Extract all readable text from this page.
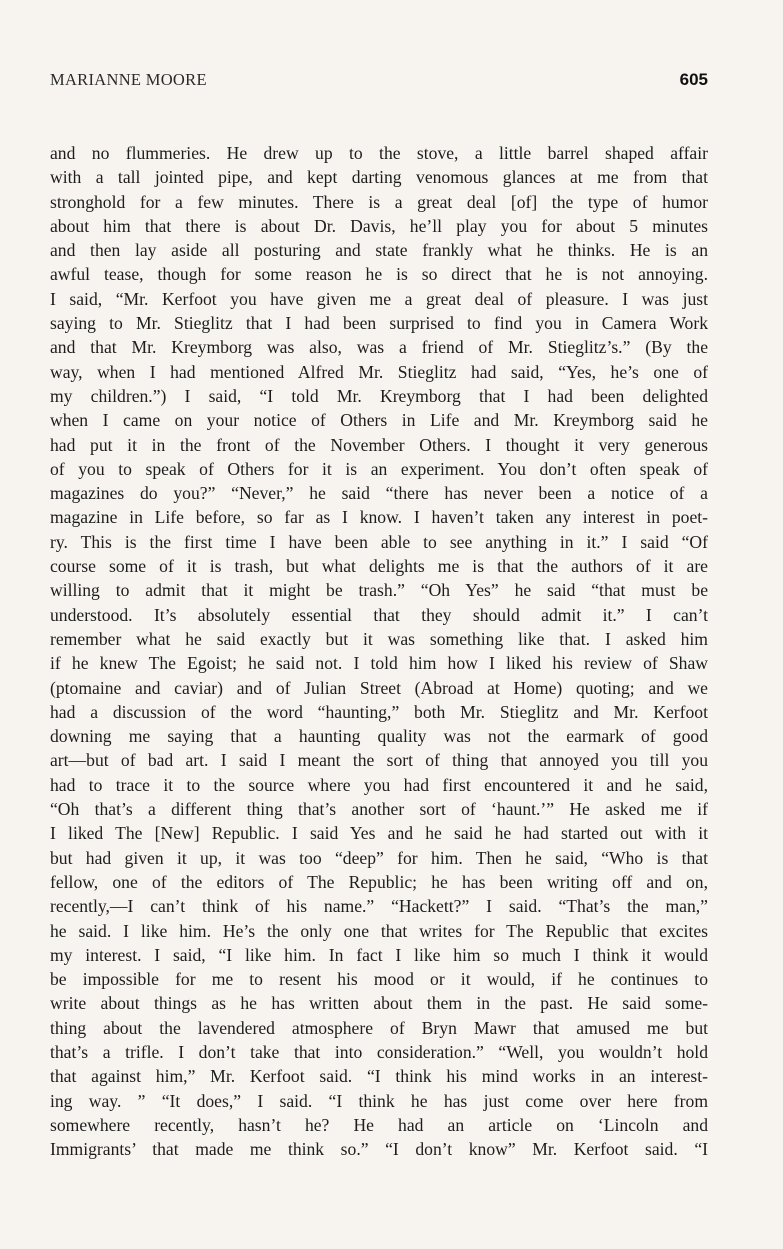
MARIANNE MOORE	605
and no flummeries. He drew up to the stove, a little barrel shaped affair
with a tall jointed pipe, and kept darting venomous glances at me from that
stronghold for a few minutes. There is a great deal [of] the type of humor
about him that there is about Dr. Davis, he’ll play you for about 5 minutes
and then lay aside all posturing and state frankly what he thinks. He is an
awful tease, though for some reason he is so direct that he is not annoying.
I said, “Mr. Kerfoot you have given me a great deal of pleasure. I was just
saying to Mr. Stieglitz that I had been surprised to find you in Camera Work
and that Mr. Kreymborg was also, was a friend of Mr. Stieglitz’s.” (By the
way, when I had mentioned Alfred Mr. Stieglitz had said, “Yes, he’s one of
my children.”) I said, “I told Mr. Kreymborg that I had been delighted
when I came on your notice of Others in Life and Mr. Kreymborg said he
had put it in the front of the November Others. I thought it very generous
of you to speak of Others for it is an experiment. You don’t often speak of
magazines do you?” “Never,” he said “there has never been a notice of a
magazine in Life before, so far as I know. I haven’t taken any interest in poet-
ry. This is the first time I have been able to see anything in it.” I said “Of
course some of it is trash, but what delights me is that the authors of it are
willing to admit that it might be trash.” “Oh Yes” he said “that must be
understood. It’s absolutely essential that they should admit it.” I can’t
remember what he said exactly but it was something like that. I asked him
if he knew The Egoist; he said not. I told him how I liked his review of Shaw
(ptomaine and caviar) and of Julian Street (Abroad at Home) quoting; and we
had a discussion of the word “haunting,” both Mr. Stieglitz and Mr. Kerfoot
downing me saying that a haunting quality was not the earmark of good
art—but of bad art. I said I meant the sort of thing that annoyed you till you
had to trace it to the source where you had first encountered it and he said,
“Oh that’s a different thing that’s another sort of ‘haunt.’” He asked me if
I liked The [New] Republic. I said Yes and he said he had started out with it
but had given it up, it was too “deep” for him. Then he said, “Who is that
fellow, one of the editors of The Republic; he has been writing off and on,
recently,—I can’t think of his name.” “Hackett?” I said. “That’s the man,”
he said. I like him. He’s the only one that writes for The Republic that excites
my interest. I said, “I like him. In fact I like him so much I think it would
be impossible for me to resent his mood or it would, if he continues to
write about things as he has written about them in the past. He said some-
thing about the lavendered atmosphere of Bryn Mawr that amused me but
that’s a trifle. I don’t take that into consideration.” “Well, you wouldn’t hold
that against him,” Mr. Kerfoot said. “I think his mind works in an interest-
ing way. ” “It does,” I said. “I think he has just come over here from
somewhere recently, hasn’t he? He had an article on ‘Lincoln and
Immigrants’ that made me think so.” “I don’t know” Mr. Kerfoot said. “I
